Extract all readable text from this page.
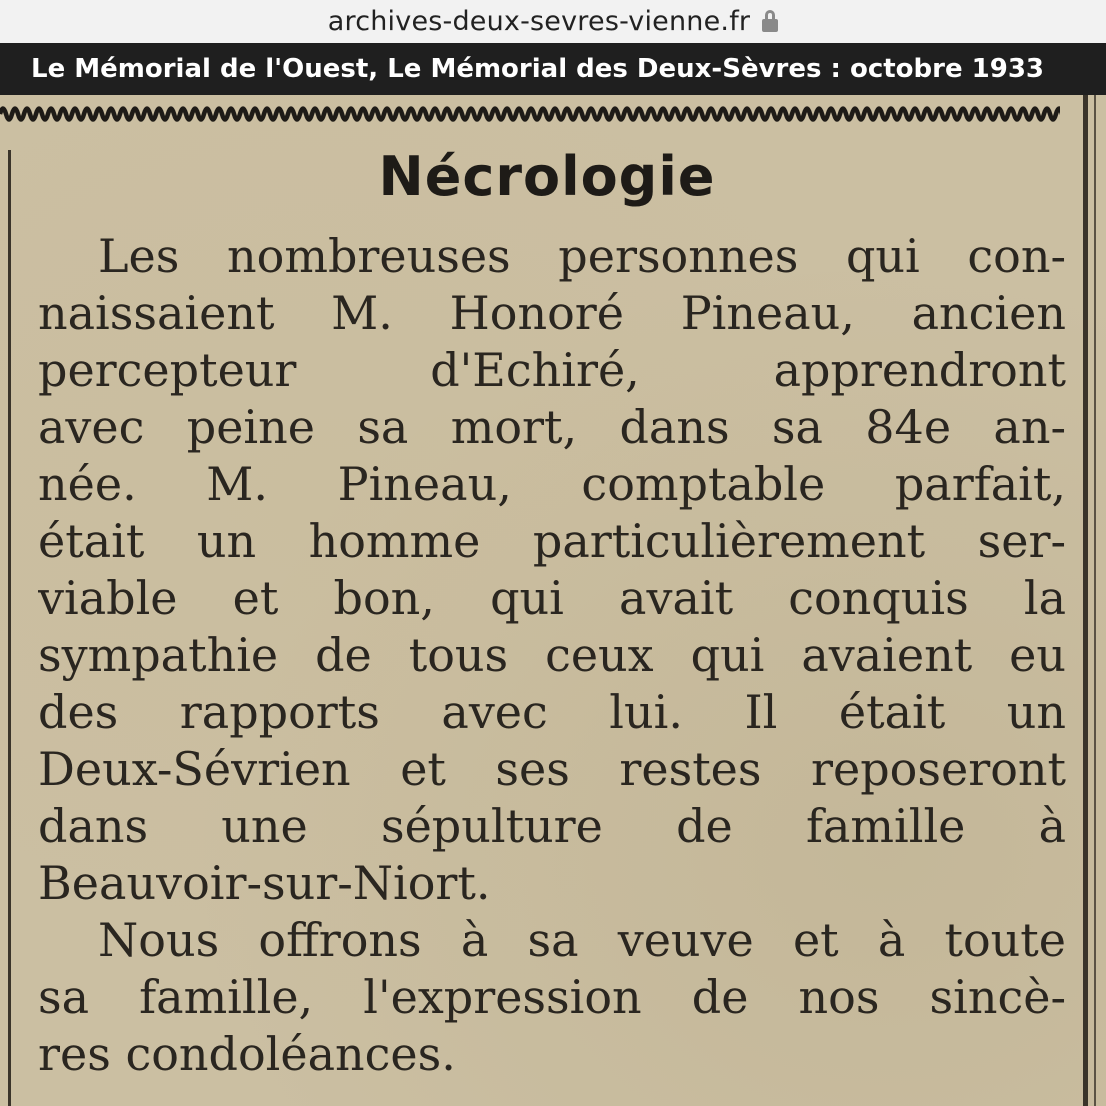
archives-deux-sevres-vienne.fr
Le Mémorial de l'Ouest, Le Mémorial des Deux-Sèvres : octobre 1933
Nécrologie
Les nombreuses personnes qui con-
naissaient M. Honoré Pineau, ancien
percepteur d'Echiré, apprendront
avec peine sa mort, dans sa 84e an-
née. M. Pineau, comptable parfait,
était un homme particulièrement ser-
viable et bon, qui avait conquis la
sympathie de tous ceux qui avaient eu
des rapports avec lui. Il était un
Deux-Sévrien et ses restes reposeront
dans une sépulture de famille à
Beauvoir-sur-Niort.
Nous offrons à sa veuve et à toute
sa famille, l'expression de nos sincè-
res condoléances.
